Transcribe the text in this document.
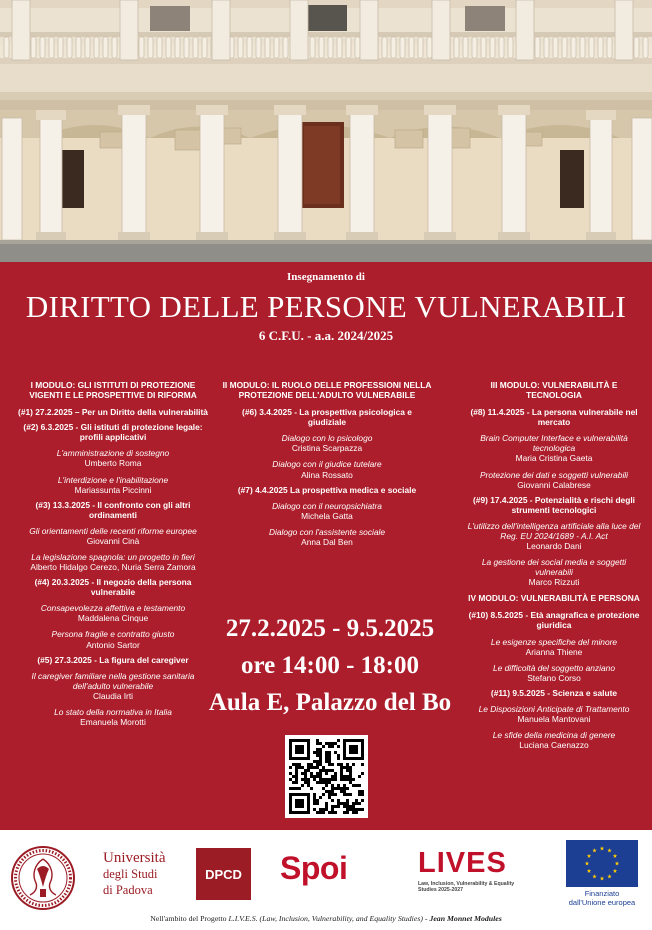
Insegnamento di
DIRITTO DELLE PERSONE VULNERABILI
6 C.F.U. - a.a. 2024/2025
I MODULO: GLI ISTITUTI DI PROTEZIONE VIGENTI E LE PROSPETTIVE DI RIFORMA
(#1) 27.2.2025 – Per un Diritto della vulnerabilità
(#2) 6.3.2025 - Gli istituti di protezione legale: profili applicativi
L'amministrazione di sostegno
Umberto Roma
L'interdizione e l'inabilitazione
Mariassunta Piccinni
(#3) 13.3.2025 - Il confronto con gli altri ordinamenti
Gli orientamenti delle recenti riforme europee
Giovanni Cinà
La legislazione spagnola: un progetto in fieri
Alberto Hidalgo Cerezo, Nuria Serra Zamora
(#4) 20.3.2025 - Il negozio della persona vulnerabile
Consapevolezza affettiva e testamento
Maddalena Cinque
Persona fragile e contratto giusto
Antonio Sartor
(#5) 27.3.2025 - La figura del caregiver
Il caregiver familiare nella gestione sanitaria dell'adulto vulnerabile
Claudia Irti
Lo stato della normativa in Italia
Emanuela Morotti
II MODULO: IL RUOLO DELLE PROFESSIONI NELLA PROTEZIONE DELL'ADULTO VULNERABILE
(#6) 3.4.2025 - La prospettiva psicologica e giudiziale
Dialogo con lo psicologo
Cristina Scarpazza
Dialogo con il giudice tutelare
Alina Rossato
(#7) 4.4.2025 La prospettiva medica e sociale
Dialogo con il neuropsichiatra
Michela Gatta
Dialogo con l'assistente sociale
Anna Dal Ben
III MODULO: VULNERABILITÀ E TECNOLOGIA
(#8) 11.4.2025 - La persona vulnerabile nel mercato
Brain Computer Interface e vulnerabilità tecnologica
Maria Cristina Gaeta
Protezione dei dati e soggetti vulnerabili
Giovanni Calabrese
(#9) 17.4.2025 - Potenzialità e rischi degli strumenti tecnologici
L'utilizzo dell'intelligenza artificiale alla luce del Reg. EU 2024/1689 - A.I. Act
Leonardo Dani
La gestione dei social media e soggetti vulnerabili
Marco Rizzuti
IV MODULO: VULNERABILITÀ E PERSONA
(#10) 8.5.2025 - Età anagrafica e protezione giuridica
Le esigenze specifiche del minore
Arianna Thiene
Le difficoltà del soggetto anziano
Stefano Corso
(#11) 9.5.2025 - Scienza e salute
Le Disposizioni Anticipate di Trattamento
Manuela Mantovani
Le sfide della medicina di genere
Luciana Caenazzo
27.2.2025 - 9.5.2025
ore 14:00 - 18:00
Aula E, Palazzo del Bo
Università
degli Studi
di Padova
DPCD Spoi LIVES
Law, Inclusion, Vulnerability & Equality Studies 2025-2027	Finanziato dall'Unione europea
Nell'ambito del Progetto L.I.V.E.S. (Law, Inclusion, Vulnerability, and Equality Studies) - Jean Monnet Modules
